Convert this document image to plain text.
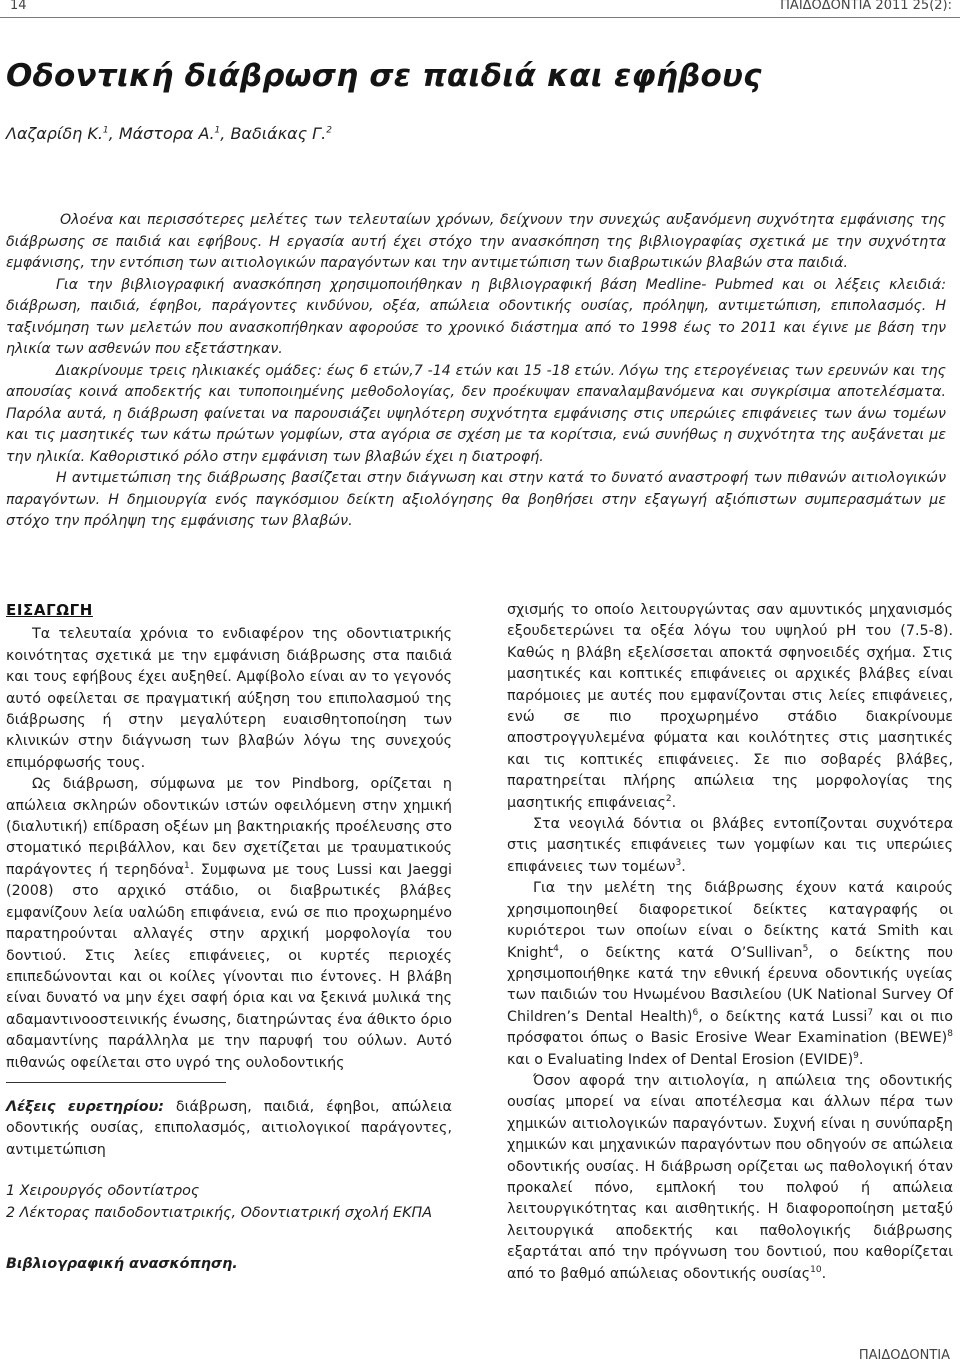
14	ΠΑΙΔΟΔΟΝΤΙΑ 2011 25(2):
Οδοντική διάβρωση σε παιδιά και εφήβους
Λαζαρίδη Κ.$^1$, Μάστορα Α.$^1$, Βαδιάκας Γ.$^2$

Ολοένα και περισσότερες μελέτες των τελευταίων χρόνων, δείχνουν την συνεχώς αυξανόμενη συχνότητα εμφάνισης της διάβρωσης σε παιδιά και εφήβους. Η εργασία αυτή έχει στόχο την ανασκόπηση της βιβλιογραφίας σχετικά με την συχνότητα εμφάνισης, την εντόπιση των αιτιολογικών παραγόντων και την αντιμετώπιση των διαβρωτικών βλαβών στα παιδιά.

Για την βιβλιογραφική ανασκόπηση χρησιμοποιήθηκαν η βιβλιογραφική βάση Medline- Pubmed και οι λέξεις κλειδιά: διάβρωση, παιδιά, έφηβοι, παράγοντες κινδύνου, οξέα, απώλεια οδοντικής ουσίας, πρόληψη, αντιμετώπιση, επιπολασμός. Η ταξινόμηση των μελετών που ανασκοπήθηκαν αφορούσε το χρονικό διάστημα από το 1998 έως το 2011 και έγινε με βάση την ηλικία των ασθενών που εξετάστηκαν.

Διακρίνουμε τρεις ηλικιακές ομάδες: έως 6 ετών,7 -14 ετών και 15 -18 ετών. Λόγω της ετερογένειας των ερευνών και της απουσίας κοινά αποδεκτής και τυποποιημένης μεθοδολογίας, δεν προέκυψαν επαναλαμβανόμενα και συγκρίσιμα αποτελέσματα. Παρόλα αυτά, η διάβρωση φαίνεται να παρουσιάζει υψηλότερη συχνότητα εμφάνισης στις υπερώιες επιφάνειες των άνω τομέων και τις μασητικές των κάτω πρώτων γομφίων, στα αγόρια σε σχέση με τα κορίτσια, ενώ συνήθως η συχνότητα της αυξάνεται με την ηλικία. Καθοριστικό ρόλο στην εμφάνιση των βλαβών έχει η διατροφή.

Η αντιμετώπιση της διάβρωσης βασίζεται στην διάγνωση και στην κατά το δυνατό αναστροφή των πιθανών αιτιολογικών παραγόντων. Η δημιουργία ενός παγκόσμιου δείκτη αξιολόγησης θα βοηθήσει στην εξαγωγή αξιόπιστων συμπερασμάτων με στόχο την πρόληψη της εμφάνισης των βλαβών.

ΕΙΣΑΓΩΓΗ

Τα τελευταία χρόνια το ενδιαφέρον της οδοντιατρικής κοινότητας σχετικά με την εμφάνιση διάβρωσης στα παιδιά και τους εφήβους έχει αυξηθεί. Αμφίβολο είναι αν το γεγονός αυτό οφείλεται σε πραγματική αύξηση του επιπολασμού της διάβρωσης ή στην μεγαλύτερη ευαισθητοποίηση των κλινικών στην διάγνωση των βλαβών λόγω της συνεχούς επιμόρφωσής τους.

Ως διάβρωση, σύμφωνα με τον Pindborg, ορίζεται η απώλεια σκληρών οδοντικών ιστών οφειλόμενη στην χημική (διαλυτική) επίδραση οξέων μη βακτηριακής προέλευσης στο στοματικό περιβάλλον, και δεν σχετίζεται με τραυματικούς παράγοντες ή τερηδόνα$^1$. Συμφωνα με τους Lussi και Jaeggi (2008) στο αρχικό στάδιο, οι διαβρωτικές βλάβες εμφανίζουν λεία υαλώδη επιφάνεια, ενώ σε πιο προχωρημένο παρατηρούνται αλλαγές στην αρχική μορφολογία του δοντιού. Στις λείες επιφάνειες, οι κυρτές περιοχές επιπεδώνονται και οι κοίλες γίνονται πιο έντονες. Η βλάβη είναι δυνατό να μην έχει σαφή όρια και να ξεκινά μυλικά της αδαμαντινοοστεινικής ένωσης, διατηρώντας ένα άθικτο όριο αδαμαντίνης παράλληλα με την παρυφή του ούλων. Αυτό πιθανώς οφείλεται στο υγρό της ουλοδοντικής

Λέξεις ευρετηρίου: διάβρωση, παιδιά, έφηβοι, απώλεια οδοντικής ουσίας, επιπολασμός, αιτιολογικοί παράγοντες, αντιμετώπιση

1 Χειρουργός οδοντίατρος

2 Λέκτορας παιδοδοντιατρικής, Οδοντιατρική σχολή ΕΚΠΑ

Βιβλιογραφική ανασκόπηση.

σχισμής το οποίο λειτουργώντας σαν αμυντικός μηχανισμός εξουδετερώνει τα οξέα λόγω του υψηλού pH του (7.5-8). Καθώς η βλάβη εξελίσσεται αποκτά σφηνοειδές σχήμα. Στις μασητικές και κοπτικές επιφάνειες οι αρχικές βλάβες είναι παρόμοιες με αυτές που εμφανίζονται στις λείες επιφάνειες, ενώ σε πιο προχωρημένο στάδιο διακρίνουμε αποστρογγυλεμένα φύματα και κοιλότητες στις μασητικές και τις κοπτικές επιφάνειες. Σε πιο σοβαρές βλάβες, παρατηρείται πλήρης απώλεια της μορφολογίας της μασητικής επιφάνειας$^2$.

Στα νεογιλά δόντια οι βλάβες εντοπίζονται συχνότερα στις μασητικές επιφάνειες των γομφίων και τις υπερώιες επιφάνειες των τομέων$^3$.

Για την μελέτη της διάβρωσης έχουν κατά καιρούς χρησιμοποιηθεί διαφορετικοί δείκτες καταγραφής οι κυριότεροι των οποίων είναι ο δείκτης κατά Smith και Knight$^4$, ο δείκτης κατά O’Sullivan$^5$, ο δείκτης που χρησιμοποιήθηκε κατά την εθνική έρευνα οδοντικής υγείας των παιδιών του Ηνωμένου Βασιλείου (UK National Survey Of Children’s Dental Health)$^6$, ο δείκτης κατά Lussi$^7$ και οι πιο πρόσφατοι όπως ο Basic Erosive Wear Examination (BEWE)$^8$ και ο Evaluating Index of Dental Erosion (EVIDE)$^9$.

Όσον αφορά την αιτιολογία, η απώλεια της οδοντικής ουσίας μπορεί να είναι αποτέλεσμα και άλλων πέρα των χημικών αιτιολογικών παραγόντων. Συχνή είναι η συνύπαρξη χημικών και μηχανικών παραγόντων που οδηγούν σε απώλεια οδοντικής ουσίας. Η διάβρωση ορίζεται ως παθολογική όταν προκαλεί πόνο, εμπλοκή του πολφού ή απώλεια λειτουργικότητας και αισθητικής. Η διαφοροποίηση μεταξύ λειτουργικά αποδεκτής και παθολογικής διάβρωσης εξαρτάται από την πρόγνωση του δοντιού, που καθορίζεται από το βαθμό απώλειας οδοντικής ουσίας$^{10}$.

ΠΑΙΔΟΔΟΝΤΙΑ
